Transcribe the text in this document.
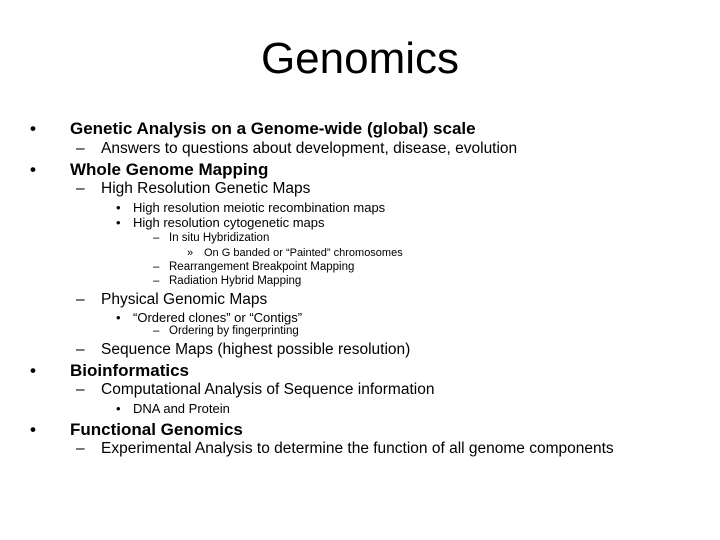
Genomics
• Genetic Analysis on a Genome-wide (global) scale
– Answers to questions about development, disease, evolution
• Whole Genome Mapping
– High Resolution Genetic Maps
• High resolution meiotic recombination maps
• High resolution cytogenetic maps
– In situ Hybridization
» On G banded or “Painted” chromosomes
– Rearrangement Breakpoint Mapping
– Radiation Hybrid Mapping
– Physical Genomic Maps
• “Ordered clones” or “Contigs”
– Ordering by fingerprinting
– Sequence Maps (highest possible resolution)
• Bioinformatics
– Computational Analysis of Sequence information
• DNA and Protein
• Functional Genomics
– Experimental Analysis to determine the function of all genome components
